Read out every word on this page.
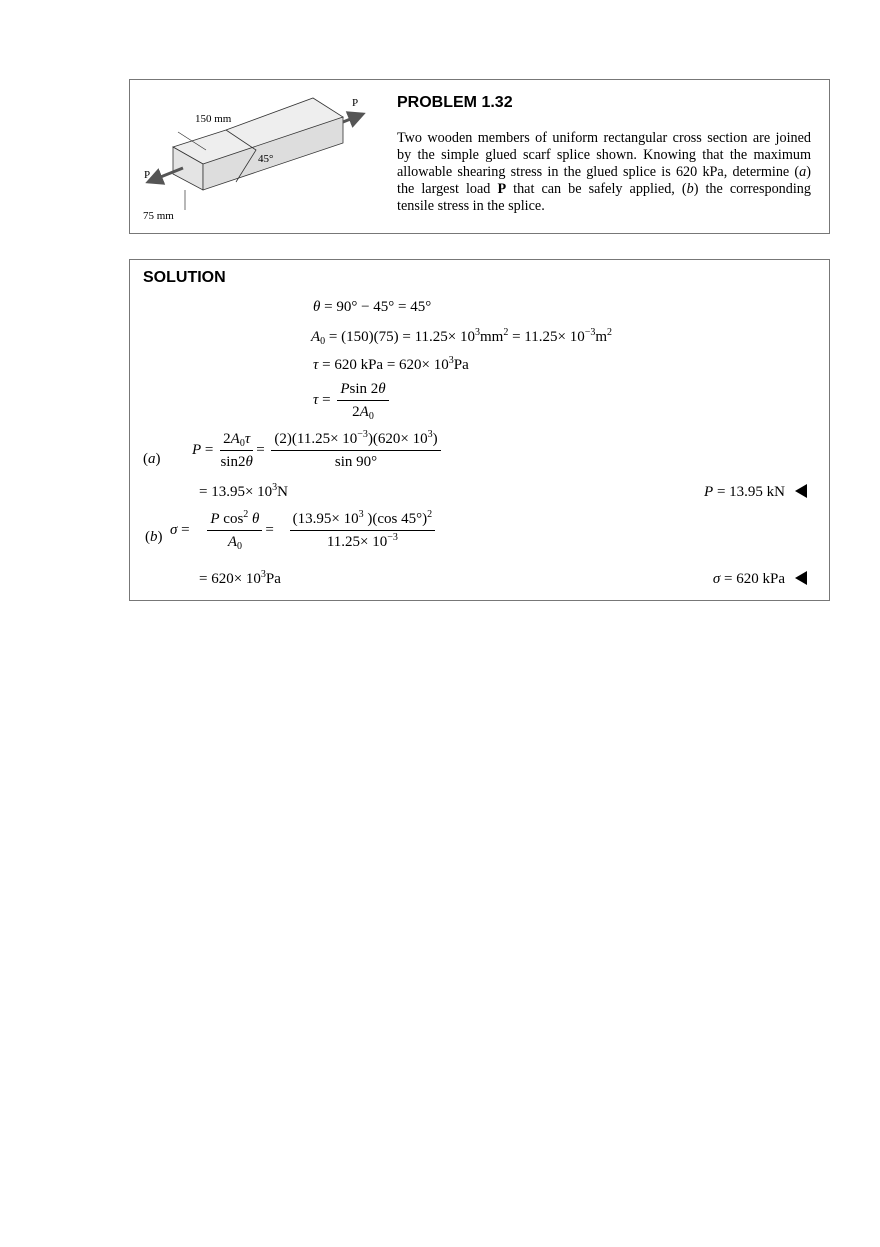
150 mm
75 mm
45°
P
P PROBLEM 1.32
Two wooden members of uniform rectangular cross section are joined by the simple glued scarf splice shown. Knowing that the maximum allowable shearing stress in the glued splice is 620 kPa, determine (a) the largest load P that can be safely applied, (b) the corresponding tensile stress in the splice.
SOLUTION
θ = 90° − 45° = 45°
$A_0 = (150)(75) = 11.25\times 10^3mm^2 = 11.25\times 10^{-3}m^2$
τ = 620 kPa = $620\times 10^3Pa$
$\tau = \frac{Psin 2\theta}{2A_0}$
(a)
$P = \frac{2A_0\tau}{\sin 2\theta} = \frac{(2)(11.25\times 10^{-3})(620\times 10^3)}{\sin 90^\circ}$
= $13.95\times 10^3N$	P = 13.95 kN
(b) $\sigma = \frac{P \cos^2 \theta}{A_0} = \frac{(13.95\times 10^3 )(\cos 45^\circ)^2}{11.25\times 10^{-3}}$
= $620\times 10^3Pa$	σ = 620 kPa
